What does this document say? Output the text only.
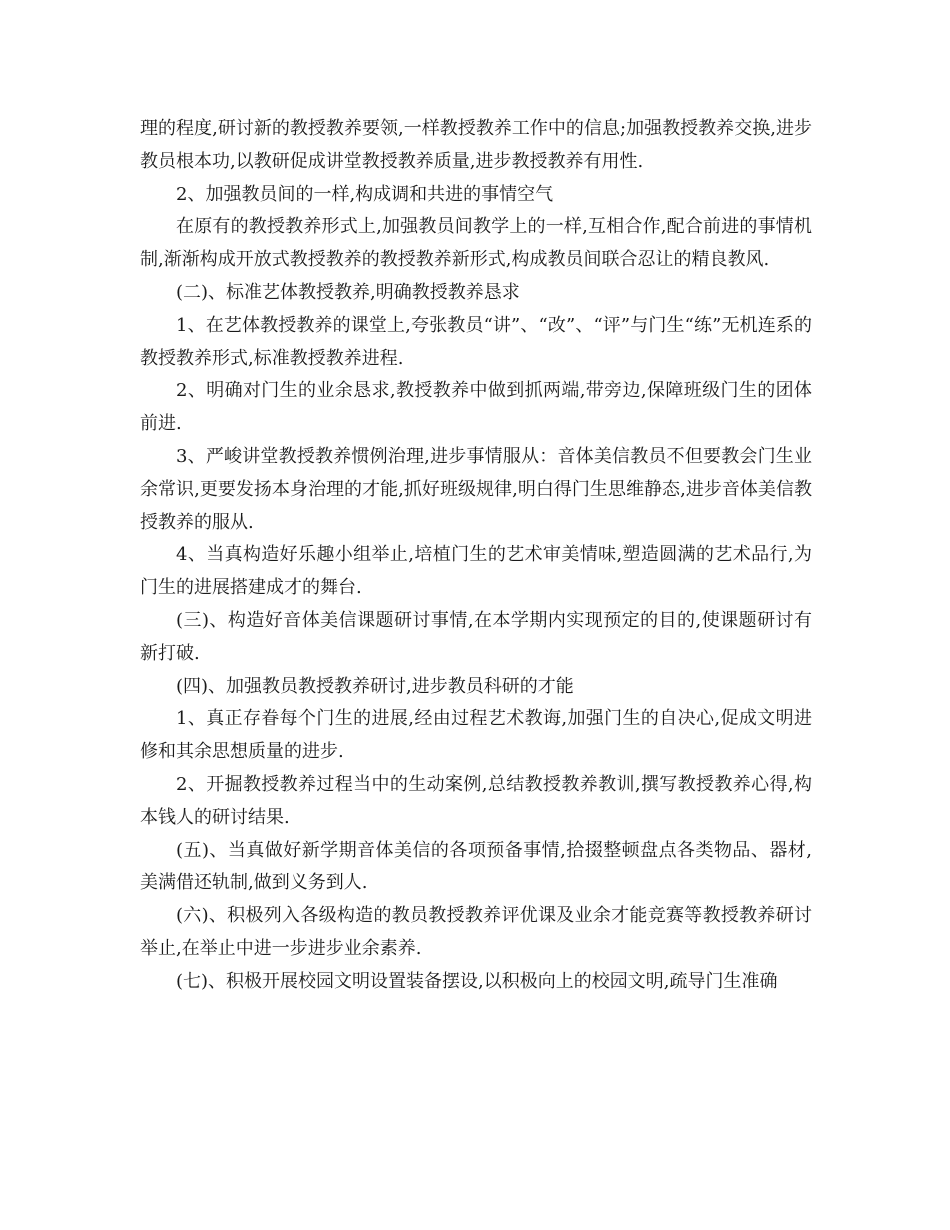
理的程度,研讨新的教授教养要领,一样教授教养工作中的信息;加强教授教养交换,进步教员根本功,以教研促成讲堂教授教养质量,进步教授教养有用性.

2、加强教员间的一样,构成调和共进的事情空气

在原有的教授教养形式上,加强教员间教学上的一样,互相合作,配合前进的事情机制,渐渐构成开放式教授教养的教授教养新形式,构成教员间联合忍让的精良教风.

(二)、标准艺体教授教养,明确教授教养恳求

1、在艺体教授教养的课堂上,夸张教员“讲”、“改”、“评”与门生“练”无机连系的教授教养形式,标准教授教养进程.

2、明确对门生的业余恳求,教授教养中做到抓两端,带旁边,保障班级门生的团体前进.

3、严峻讲堂教授教养惯例治理,进步事情服从：音体美信教员不但要教会门生业余常识,更要发扬本身治理的才能,抓好班级规律,明白得门生思维静态,进步音体美信教授教养的服从.

4、当真构造好乐趣小组举止,培植门生的艺术审美情味,塑造圆满的艺术品行,为门生的进展搭建成才的舞台.

(三)、构造好音体美信课题研讨事情,在本学期内实现预定的目的,使课题研讨有新打破.

(四)、加强教员教授教养研讨,进步教员科研的才能

1、真正存眷每个门生的进展,经由过程艺术教诲,加强门生的自决心,促成文明进修和其余思想质量的进步.

2、开掘教授教养过程当中的生动案例,总结教授教养教训,撰写教授教养心得,构本钱人的研讨结果.

(五)、当真做好新学期音体美信的各项预备事情,拾掇整顿盘点各类物品、器材,美满借还轨制,做到义务到人.

(六)、积极列入各级构造的教员教授教养评优课及业余才能竞赛等教授教养研讨举止,在举止中进一步进步业余素养.

(七)、积极开展校园文明设置装备摆设,以积极向上的校园文明,疏导门生准确
